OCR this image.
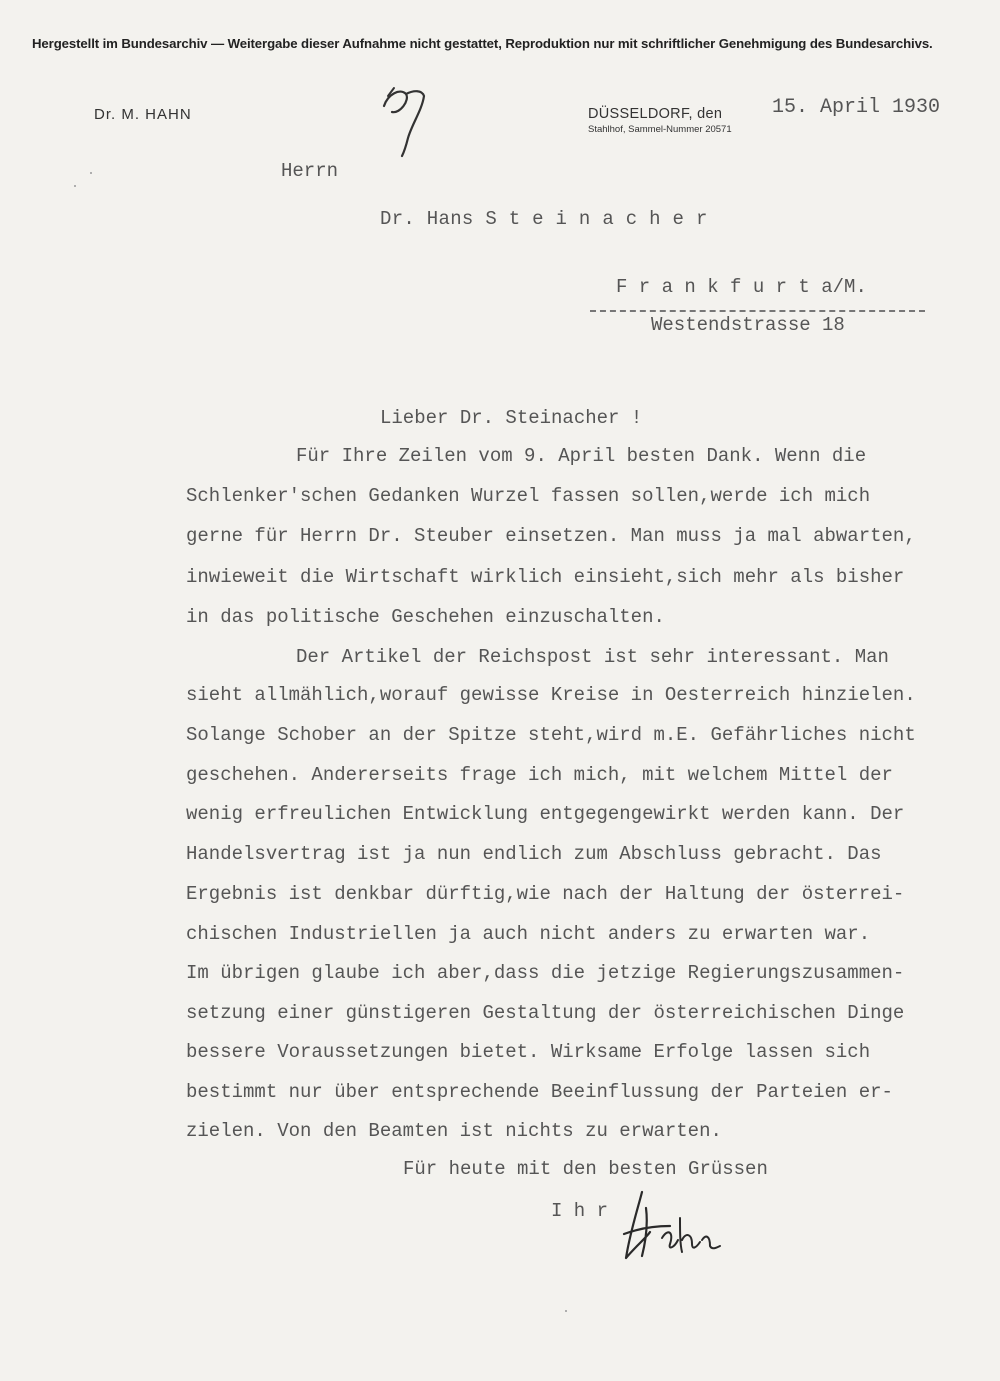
Hergestellt im Bundesarchiv — Weitergabe dieser Aufnahme nicht gestattet, Reproduktion nur mit schriftlicher Genehmigung des Bundesarchivs.
Dr. M. HAHN	DÜSSELDORF, den 15. April 1930
Stahlhof, Sammel-Nummer 20571
Herrn
Dr. Hans S t e i n a c h e r
F r a n k f u r t a/M.
Westendstrasse 18
Lieber Dr. Steinacher !
Für Ihre Zeilen vom 9. April besten Dank. Wenn die
Schlenker'schen Gedanken Wurzel fassen sollen,werde ich mich
gerne für Herrn Dr. Steuber einsetzen. Man muss ja mal abwarten,
inwieweit die Wirtschaft wirklich einsieht,sich mehr als bisher
in das politische Geschehen einzuschalten.
Der Artikel der Reichspost ist sehr interessant. Man
sieht allmählich,worauf gewisse Kreise in Oesterreich hinzielen.
Solange Schober an der Spitze steht,wird m.E. Gefährliches nicht
geschehen. Andererseits frage ich mich, mit welchem Mittel der
wenig erfreulichen Entwicklung entgegengewirkt werden kann. Der
Handelsvertrag ist ja nun endlich zum Abschluss gebracht. Das
Ergebnis ist denkbar dürftig,wie nach der Haltung der österrei-
chischen Industriellen ja auch nicht anders zu erwarten war.
Im übrigen glaube ich aber,dass die jetzige Regierungszusammen-
setzung einer günstigeren Gestaltung der österreichischen Dinge
bessere Voraussetzungen bietet. Wirksame Erfolge lassen sich
bestimmt nur über entsprechende Beeinflussung der Parteien er-
zielen. Von den Beamten ist nichts zu erwarten.
Für heute mit den besten Grüssen
I h r
